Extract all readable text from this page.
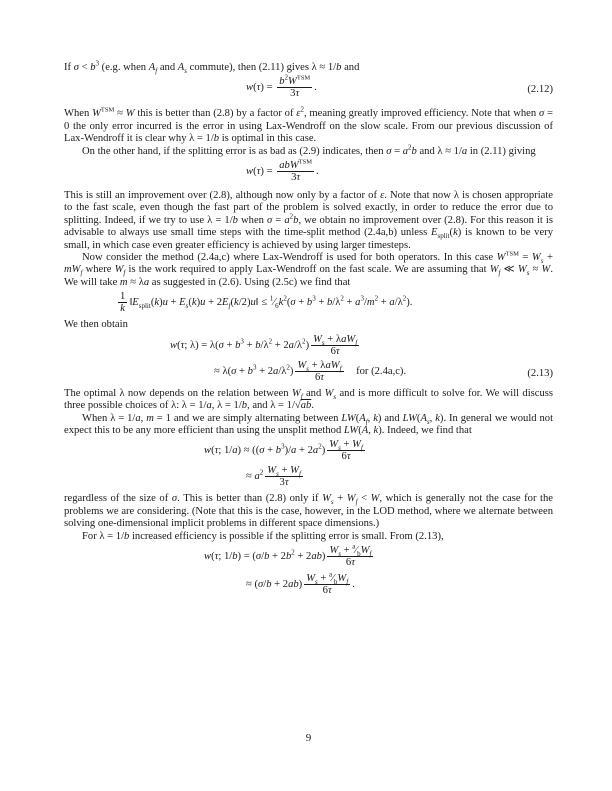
If $\sigma < b^3$ (e.g. when $A_f$ and $A_s$ commute), then (2.11) gives λ ≈ 1/b and

$w(\tau) = \frac{b^2W^{TSM}}{3\tau}$ .	(2.12)

When $W^{TSM} \approx W$ this is better than (2.8) by a factor of $\varepsilon^2$, meaning greatly improved efficiency. Note that when σ = 0 the only error incurred is the error in using Lax-Wendroff on the slow scale. From our previous discussion of Lax-Wendroff it is clear why λ = 1/b is optimal in this case.

On the other hand, if the splitting error is as bad as (2.9) indicates, then $\sigma = a^2b$ and λ ≈ 1/a in (2.11) giving

$w(\tau) = \frac{abW^{TSM}}{3\tau}$ .

This is still an improvement over (2.8), although now only by a factor of ε. Note that now λ is chosen appropriate to the fast scale, even though the fast part of the problem is solved exactly, in order to reduce the error due to splitting. Indeed, if we try to use λ = 1/b when $\sigma = a^2b$, we obtain no improvement over (2.8). For this reason it is advisable to always use small time steps with the time-split method (2.4a,b) unless $E_{split}(k)$ is known to be very small, in which case even greater efficiency is achieved by using larger timesteps.

Now consider the method (2.4a,c) where Lax-Wendroff is used for both operators. In this case $W^{TSM} = W_s + mW_f$ where $W_f$ is the work required to apply Lax-Wendroff on the fast scale. We are assuming that $W_f$ ≪ $W_s \approx W$. We will take m ≈ λa as suggested in (2.6). Using (2.5c) we find that

$\frac{1}{k}$ $‖E_{split}(k)u + E_s(k)u$ + $2E_f(k/2)u‖$ ≤ $^1⁄_6k^2(\sigma + b^3 + b/\lambda^2 + a^3/m^2 + a/\lambda^2)$.

We then obtain

w(τ; $\lambda) = \lambda(\sigma + b^3 + b/\lambda^2 + 2a/\lambda^2) \frac{W_s + \lambda aW_f}{6\tau}$
≈ $\lambda(\sigma + b^3 + 2a/\lambda^2) \frac{W_s + \lambda aW_f}{6\tau}$ for (2.4a,c).	(2.13)

The optimal λ now depends on the relation between $W_f$ and $W_s$ and is more difficult to solve for. We will discuss three possible choices of λ: λ = 1/a, λ = 1/b, and λ = 1/√ab.

When λ = 1/a, m = 1 and we are simply alternating between $LW(A_f$, k) and $LW(A_s$, k). In general we would not expect this to be any more efficient than using the unsplit method LW(A, k). Indeed, we find that

w(τ; $1/a) \approx ((\sigma + b^3)/a + 2a^2) \frac{W_s + W_f}{6\tau}$
≈ $a^2 \frac{W_s + W_f}{3\tau}$

regardless of the size of σ. This is better than (2.8) only if $W_s + W_f < W$, which is generally not the case for the problems we are considering. (Note that this is the case, however, in the LOD method, where we alternate between solving one-dimensional implicit problems in different space dimensions.)

For λ = 1/b increased efficiency is possible if the splitting error is small. From (2.13),

w(τ; $1/b) = (\sigma/b + 2b^2 + 2ab) \frac{W_s + ^a⁄_bW_f}{6\tau}$
≈ $(\sigma/b + 2ab) \frac{W_s + ^a⁄_bW_f}{6\tau}$ .
9
